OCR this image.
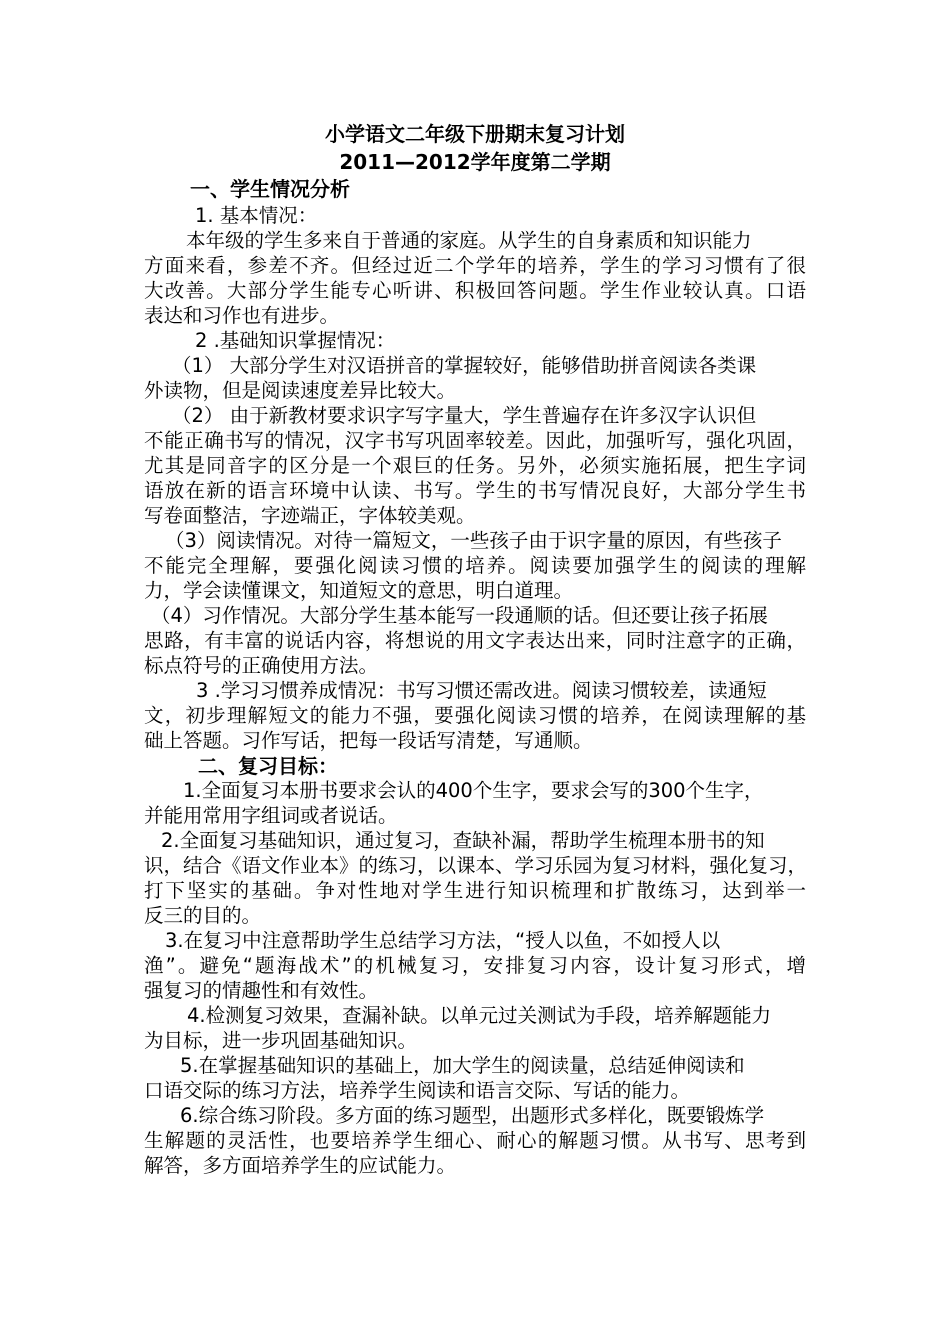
小学语文二年级下册期末复习计划
2011—2012学年度第二学期
一、学生情况分析
1. 基本情况：
本年级的学生多来自于普通的家庭。从学生的自身素质和知识能力
方面来看，参差不齐。但经过近二个学年的培养，学生的学习习惯有了很
大改善。大部分学生能专心听讲、积极回答问题。学生作业较认真。口语
表达和习作也有进步。
2 .基础知识掌握情况：
（1） 大部分学生对汉语拼音的掌握较好，能够借助拼音阅读各类课
外读物，但是阅读速度差异比较大。
（2） 由于新教材要求识字写字量大，学生普遍存在许多汉字认识但
不能正确书写的情况，汉字书写巩固率较差。因此，加强听写，强化巩固，
尤其是同音字的区分是一个艰巨的任务。另外，必须实施拓展，把生字词
语放在新的语言环境中认读、书写。学生的书写情况良好，大部分学生书
写卷面整洁，字迹端正，字体较美观。
（3）阅读情况。对待一篇短文，一些孩子由于识字量的原因，有些孩子
不能完全理解，要强化阅读习惯的培养。阅读要加强学生的阅读的理解
力，学会读懂课文，知道短文的意思，明白道理。
（4）习作情况。大部分学生基本能写一段通顺的话。但还要让孩子拓展
思路，有丰富的说话内容，将想说的用文字表达出来，同时注意字的正确，
标点符号的正确使用方法。
3 .学习习惯养成情况：书写习惯还需改进。阅读习惯较差，读通短
文，初步理解短文的能力不强，要强化阅读习惯的培养，在阅读理解的基
础上答题。习作写话，把每一段话写清楚，写通顺。
二、复习目标：
1.全面复习本册书要求会认的400个生字，要求会写的300个生字，
并能用常用字组词或者说话。
2.全面复习基础知识，通过复习，查缺补漏，帮助学生梳理本册书的知
识，结合《语文作业本》的练习，以课本、学习乐园为复习材料，强化复习，
打下坚实的基础。争对性地对学生进行知识梳理和扩散练习，达到举一
反三的目的。
3.在复习中注意帮助学生总结学习方法，“授人以鱼，不如授人以
渔”。避免“题海战术”的机械复习，安排复习内容，设计复习形式，增
强复习的情趣性和有效性。
4.检测复习效果，查漏补缺。以单元过关测试为手段，培养解题能力
为目标，进一步巩固基础知识。
5.在掌握基础知识的基础上，加大学生的阅读量，总结延伸阅读和
口语交际的练习方法，培养学生阅读和语言交际、写话的能力。
6.综合练习阶段。多方面的练习题型，出题形式多样化，既要锻炼学
生解题的灵活性，也要培养学生细心、耐心的解题习惯。从书写、思考到
解答，多方面培养学生的应试能力。
